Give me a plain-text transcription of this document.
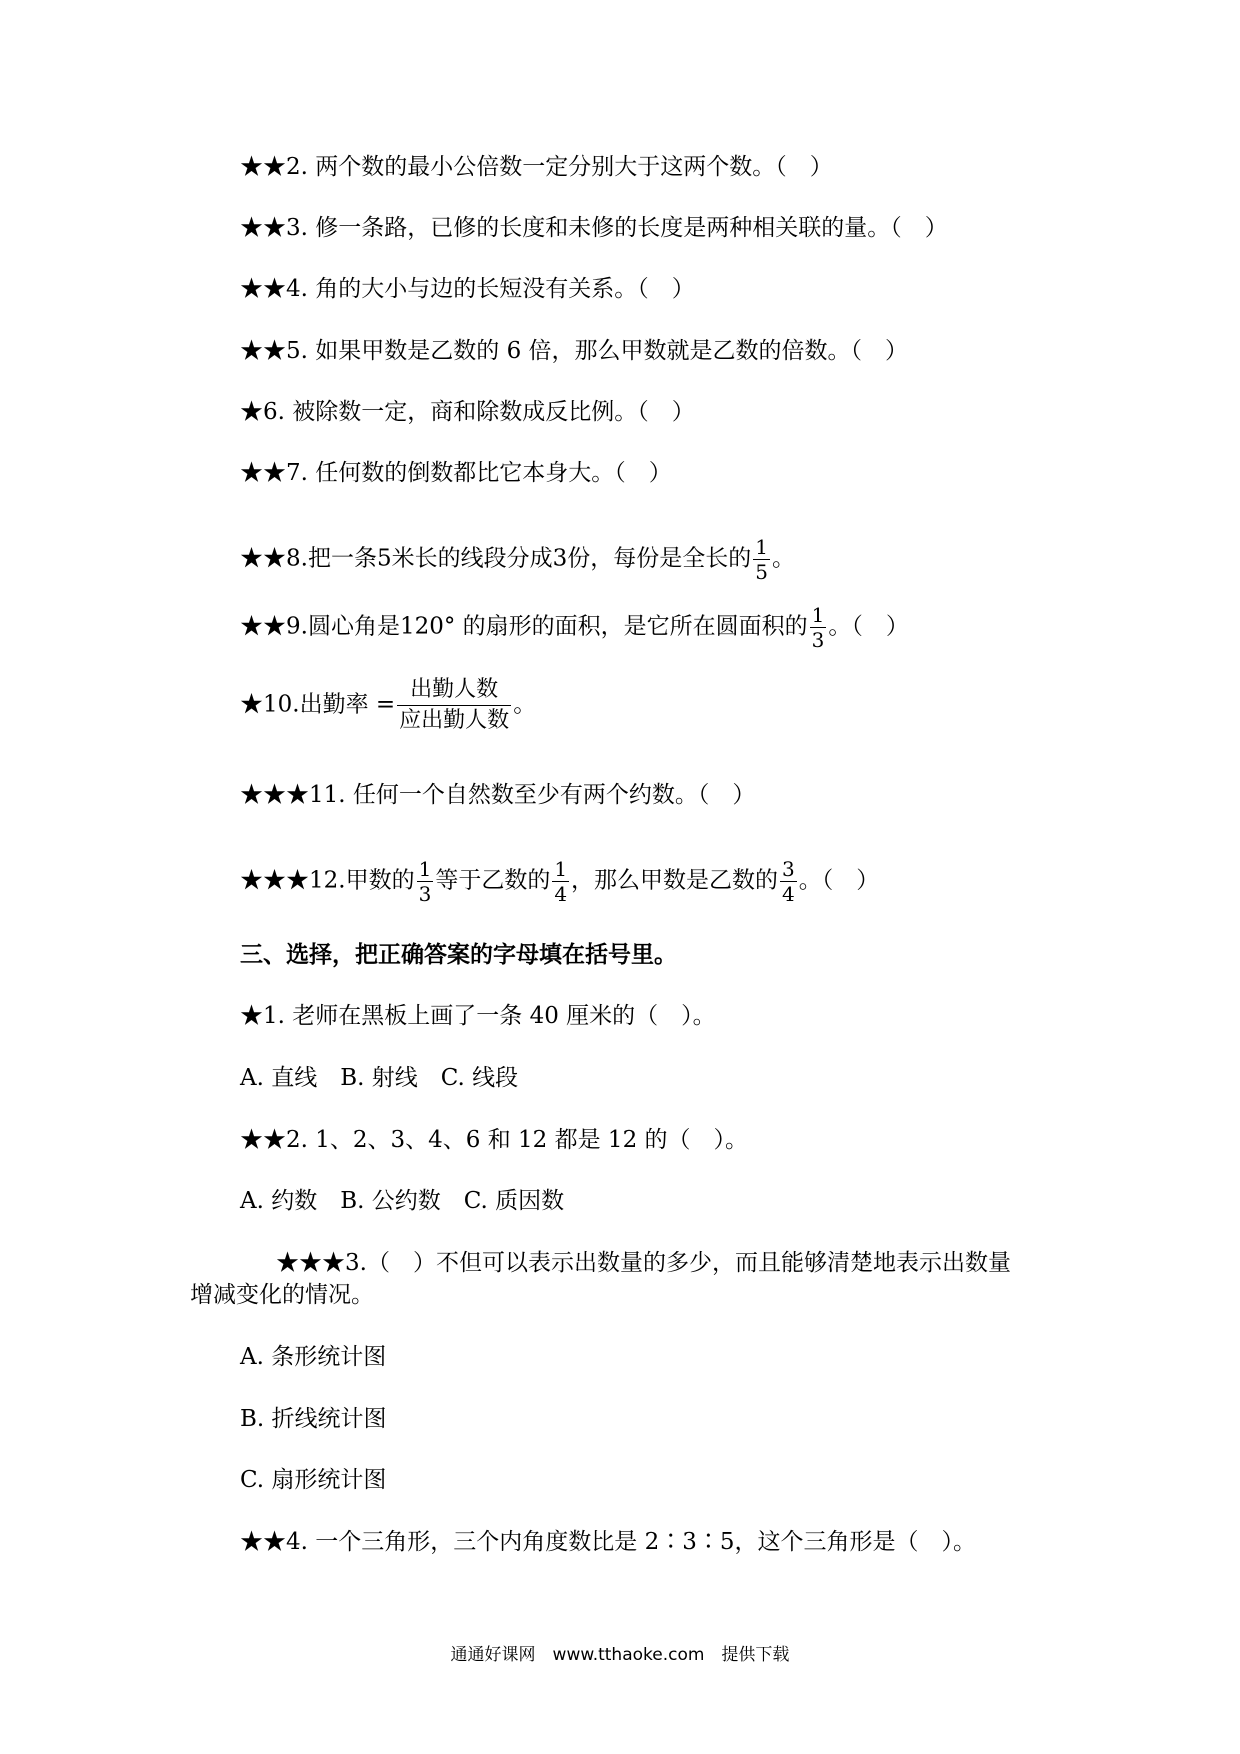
★★2. 两个数的最小公倍数一定分别大于这两个数。（　）
★★3. 修一条路，已修的长度和未修的长度是两种相关联的量。（　）
★★4. 角的大小与边的长短没有关系。（　）
★★5. 如果甲数是乙数的 6 倍，那么甲数就是乙数的倍数。（　）
★6. 被除数一定，商和除数成反比例。（　）
★★7. 任何数的倒数都比它本身大。（　）
★★8.把一条5米长的线段分成3份，每份是全长的 $\frac{1}{5}$ 。
★★9.圆心角是120° 的扇形的面积，是它所在圆面积的 $\frac{1}{3}$ 。（　）
★10.出勤率 = $\frac{\text{出勤人数}}{\text{应出勤人数}}$ 。
★★★11. 任何一个自然数至少有两个约数。（　）
★★★12.甲数的 $\frac{1}{3}$ 等于乙数的 $\frac{1}{4}$ ，那么甲数是乙数的 $\frac{3}{4}$ 。（　）
三、选择，把正确答案的字母填在括号里。
★1. 老师在黑板上画了一条 40 厘米的（　）。
A. 直线　B. 射线　C. 线段
★★2. 1、2、3、4、6 和 12 都是 12 的（　）。
A. 约数　B. 公约数　C. 质因数
★★★3.（　）不但可以表示出数量的多少，而且能够清楚地表示出数量
增减变化的情况。
A. 条形统计图
B. 折线统计图
C. 扇形统计图
★★4. 一个三角形，三个内角度数比是 2∶3∶5，这个三角形是（　）。
通通好课网　www.tthaoke.com　提供下载
